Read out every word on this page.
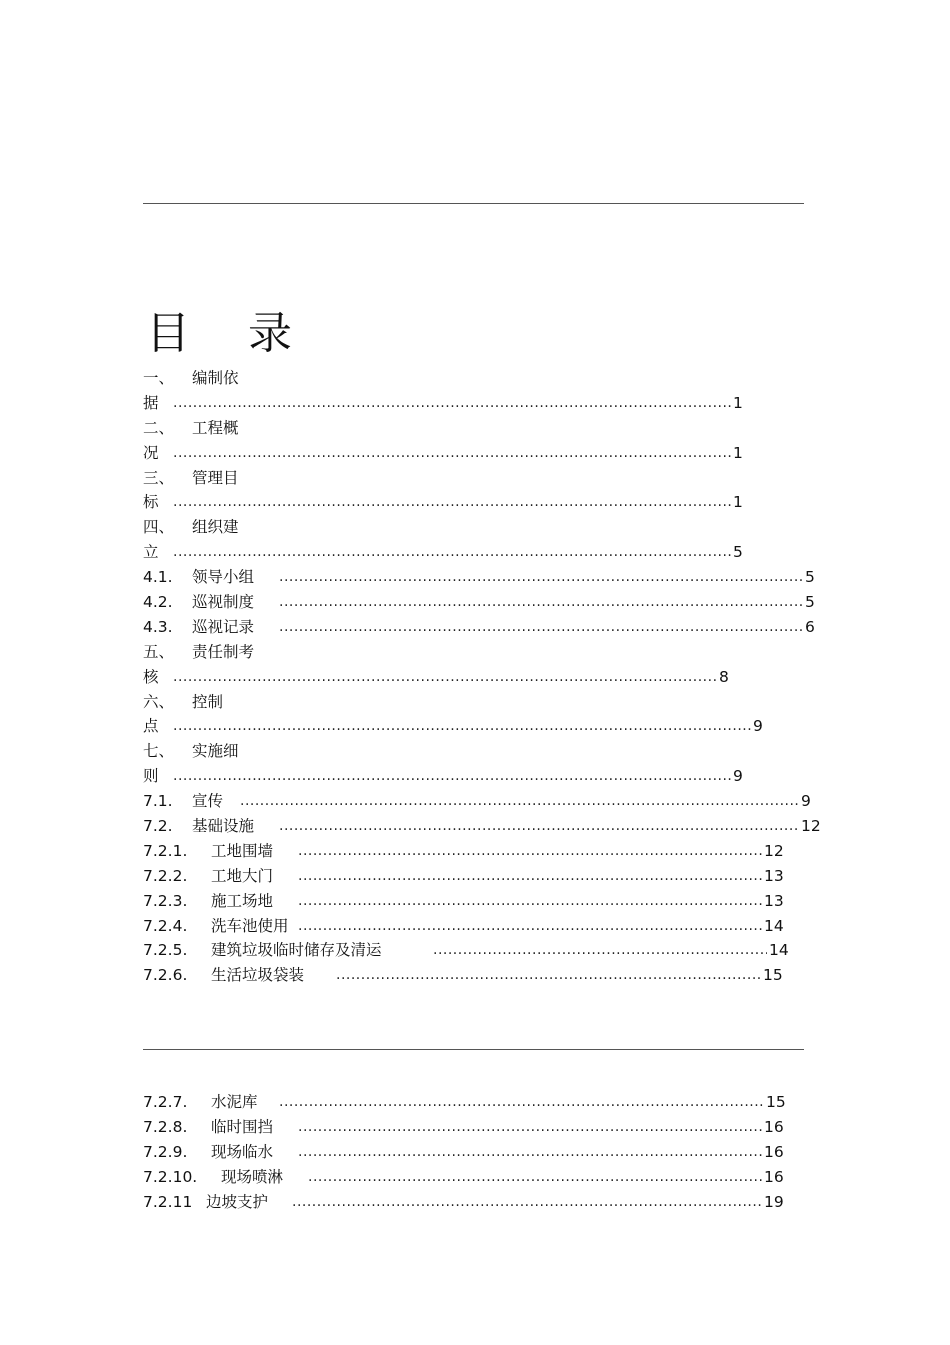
目 录
一、 编制依
据 .....	1
二、 工程概
况 .....	1
三、 管理目
标 .....	1
四、 组织建
立 .....	5
4.1. 领导小组 .....	5
4.2. 巡视制度 .....	5
4.3. 巡视记录 .....	6
五、 责任制考
核 .....	8
六、 控制
点 .....	9
七、 实施细
则 .....	9
7.1. 宣传 .....	9
7.2. 基础设施 .....	12
7.2.1. 工地围墙 .....	12
7.2.2. 工地大门 .....	13
7.2.3. 施工场地 .....	13
7.2.4. 洗车池使用 .....	14
7.2.5. 建筑垃圾临时储存及清运 .....	14
7.2.6. 生活垃圾袋装 .....	15
7.2.7. 水泥库 .....	15
7.2.8. 临时围挡 .....	16
7.2.9. 现场临水 .....	16
7.2.10. 现场喷淋 .....	16
7.2.11 边坡支护 .....	19
